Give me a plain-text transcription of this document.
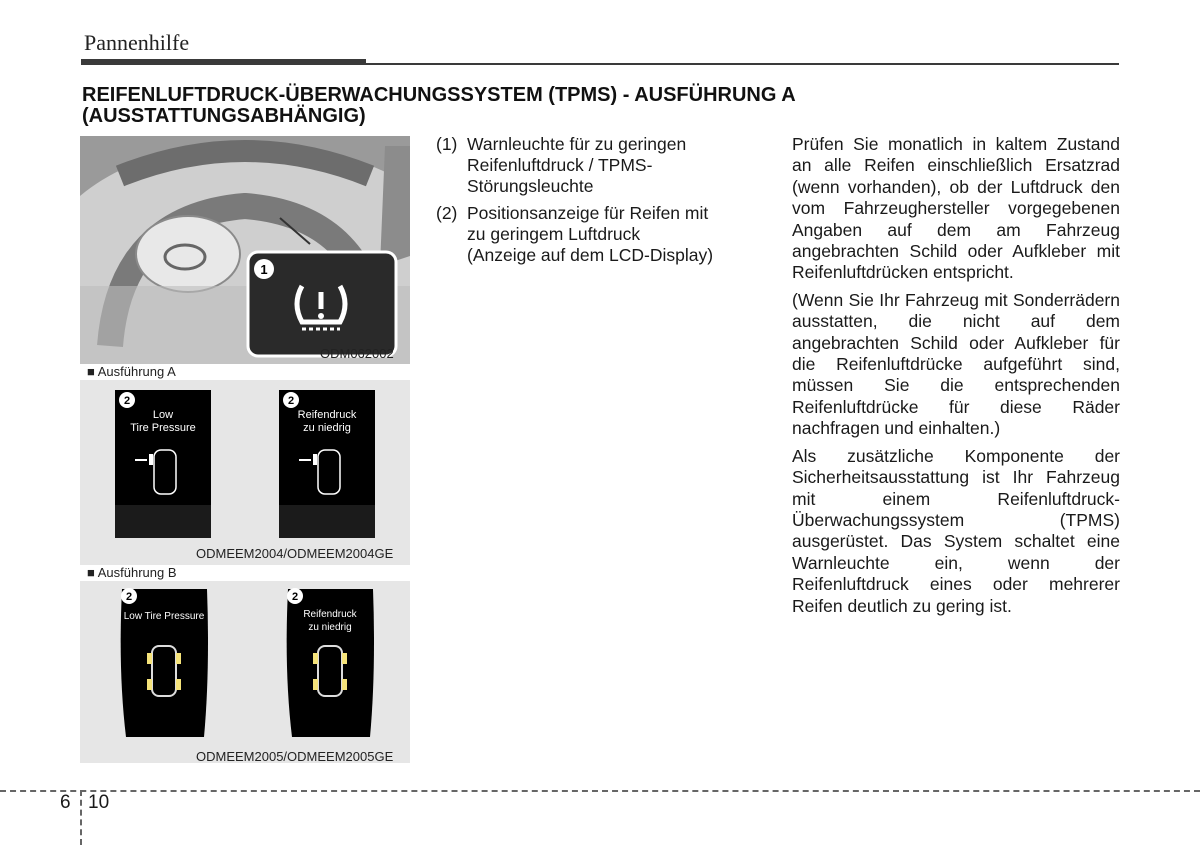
Pannenhilfe
REIFENLUFTDRUCK-ÜBERWACHUNGSSYSTEM (TPMS) - AUSFÜHRUNG A
(AUSSTATTUNGSABHÄNGIG)
1
ODM062002
■ Ausführung A
2
Low
Tire Pressure
2
Reifendruck
zu niedrig
ODMEEM2004/ODMEEM2004GE
■ Ausführung B
2
Low Tire Pressure
2
Reifendruck
zu niedrig
ODMEEM2005/ODMEEM2005GE
(1) Warnleuchte für zu geringen
Reifenluftdruck / TPMS-
Störungsleuchte
(2) Positionsanzeige für Reifen mit
zu geringem Luftdruck
(Anzeige auf dem LCD-Display)

Prüfen Sie monatlich in kaltem Zustand an alle Reifen einschließlich Ersatzrad (wenn vorhanden), ob der Luftdruck den vom Fahrzeughersteller vorgegebenen Angaben auf dem am Fahrzeug angebrachten Schild oder Aufkleber mit Reifenluftdrücken entspricht.

(Wenn Sie Ihr Fahrzeug mit Sonderrädern ausstatten, die nicht auf dem angebrachten Schild oder Aufkleber für die Reifenluftdrücke aufgeführt sind, müssen Sie die entsprechenden Reifenluftdrücke für diese Räder nachfragen und einhalten.)

Als zusätzliche Komponente der Sicherheitsausstattung ist Ihr Fahrzeug mit einem Reifenluftdruck-Überwachungssystem (TPMS) ausgerüstet. Das System schaltet eine Warnleuchte ein, wenn der Reifenluftdruck eines oder mehrerer Reifen deutlich zu gering ist.

6 10
